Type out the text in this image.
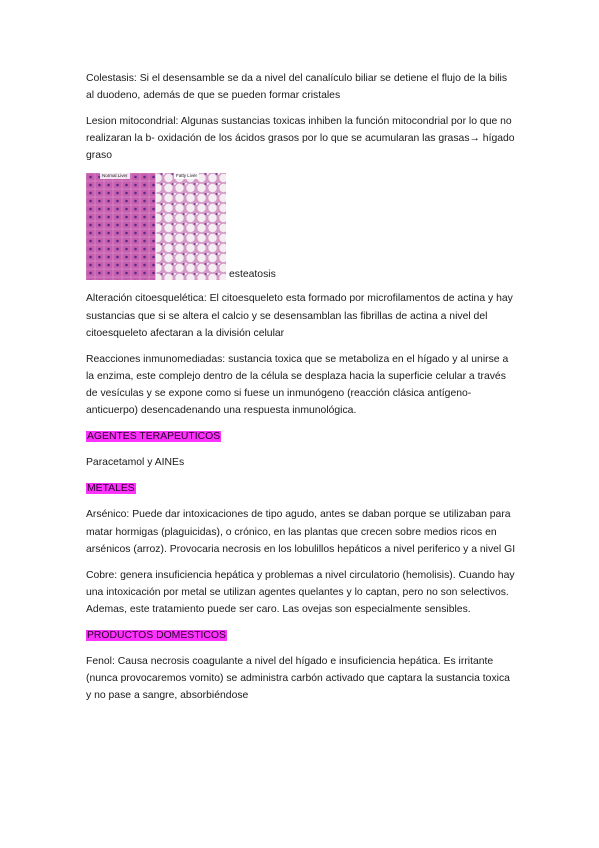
Colestasis: Si el desensamble se da a nivel del canalículo biliar se detiene el flujo de la bilis al duodeno, además de que se pueden formar cristales

Lesion mitocondrial: Algunas sustancias toxicas inhiben la función mitocondrial por lo que no realizaran la b- oxidación de los ácidos grasos por lo que se acumularan las grasas→ hígado graso

Normal Liver	Fatty Liver
esteatosis

Alteración citoesquelética: El citoesqueleto esta formado por microfilamentos de actina y hay sustancias que si se altera el calcio y se desensamblan las fibrillas de actina a nivel del citoesqueleto afectaran a la división celular

Reacciones inmunomediadas: sustancia toxica que se metaboliza en el hígado y al unirse a la enzima, este complejo dentro de la célula se desplaza hacia la superficie celular a través de vesículas y se expone como si fuese un inmunógeno (reacción clásica antígeno-anticuerpo) desencadenando una respuesta inmunológica.

AGENTES TERAPEUTICOS

Paracetamol y AINEs

METALES

Arsénico: Puede dar intoxicaciones de tipo agudo, antes se daban porque se utilizaban para matar hormigas (plaguicidas), o crónico, en las plantas que crecen sobre medios ricos en arsénicos (arroz). Provocaria necrosis en los lobulillos hepáticos a nivel periferico y a nivel GI

Cobre: genera insuficiencia hepática y problemas a nivel circulatorio (hemolisis). Cuando hay una intoxicación por metal se utilizan agentes quelantes y lo captan, pero no son selectivos. Ademas, este tratamiento puede ser caro. Las ovejas son especialmente sensibles.

PRODUCTOS DOMESTICOS

Fenol: Causa necrosis coagulante a nivel del hígado e insuficiencia hepática. Es irritante (nunca provocaremos vomito) se administra carbón activado que captara la sustancia toxica y no pase a sangre, absorbiéndose
